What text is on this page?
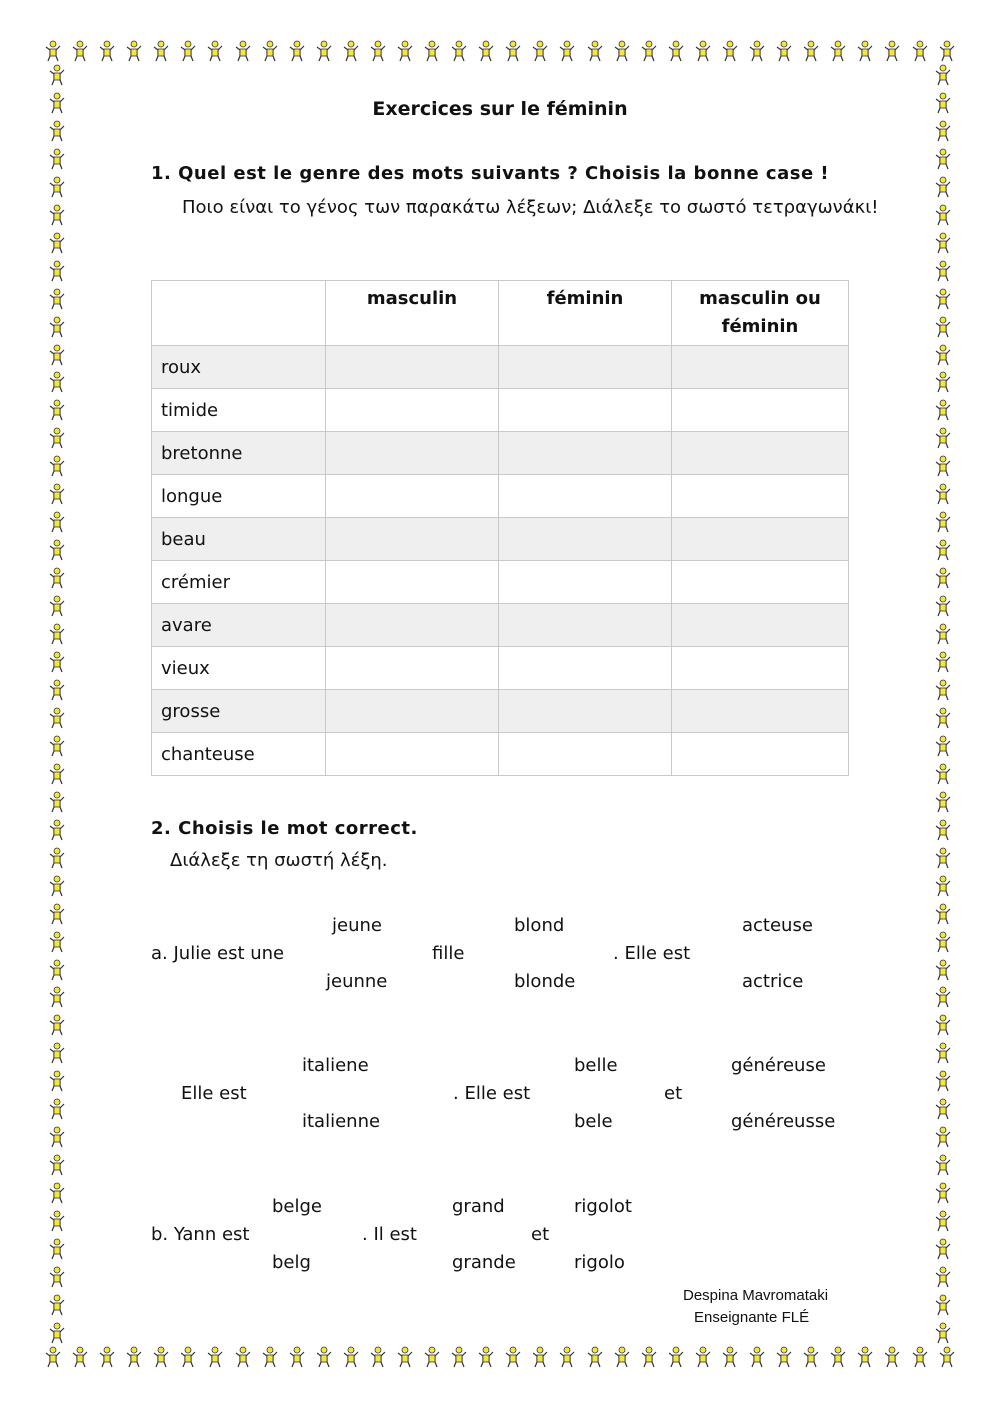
Exercices sur le féminin
1. Quel est le genre des mots suivants ? Choisis la bonne case !
Ποιο είναι το γένος των παρακάτω λέξεων; Διάλεξε το σωστό τετραγωνάκι!
	masculin	féminin	masculin ou féminin
roux			
timide			
bretonne			
longue			
beau			
crémier			
avare			
vieux			
grosse			
chanteuse			
2. Choisis le mot correct.
Διάλεξε τη σωστή λέξη.
jeune	blond	acteuse
a. Julie est une	fille	. Elle est
jeunne	blonde	actrice
italiene	belle	généreuse
Elle est	. Elle est	et
italienne	bele	généreusse
belge	grand	rigolot
b. Yann est	. Il est	et
belg	grande	rigolo
Despina Mavromataki
Enseignante FLÉ
